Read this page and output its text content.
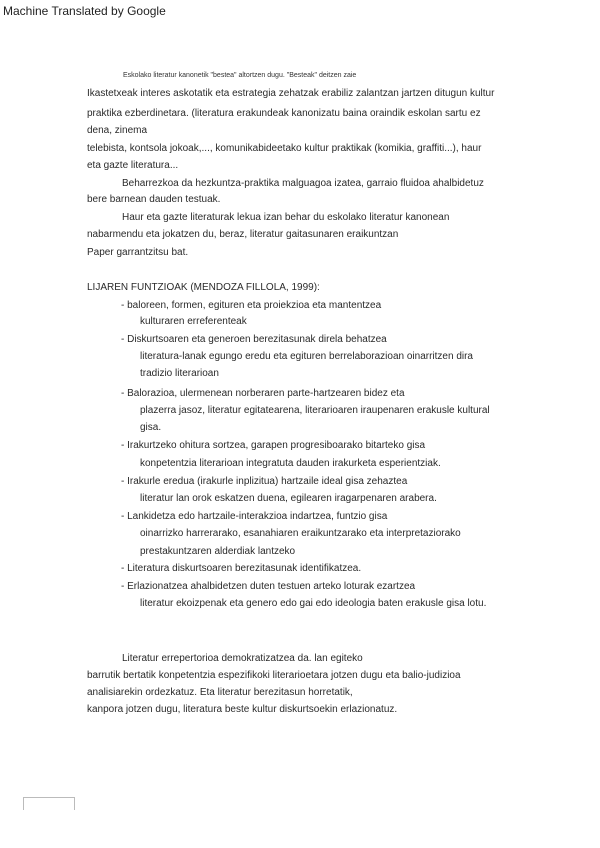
Machine Translated by Google
Eskolako literatur kanonetik "bestea" altortzen dugu. "Besteak" deitzen zaie
Ikastetxeak interes askotatik eta estrategia zehatzak erabiliz zalantzan jartzen ditugun kultur
praktika ezberdinetara. (literatura erakundeak kanonizatu baina oraindik eskolan sartu ez
dena, zinema
telebista, kontsola jokoak,..., komunikabideetako kultur praktikak (komikia, graffiti...), haur
eta gazte literatura...
Beharrezkoa da hezkuntza-praktika malguagoa izatea, garraio fluidoa ahalbidetuz
bere barnean dauden testuak.
Haur eta gazte literaturak lekua izan behar du eskolako literatur kanonean
nabarmendu eta jokatzen du, beraz, literatur gaitasunaren eraikuntzan
Paper garrantzitsu bat.
LIJAREN FUNTZIOAK (MENDOZA FILLOLA, 1999):
- baloreen, formen, egituren eta proiekzioa eta mantentzea
kulturaren erreferenteak
- Diskurtsoaren eta generoen berezitasunak direla behatzea
literatura-lanak egungo eredu eta egituren berrelaborazioan oinarritzen dira
tradizio literarioan
- Balorazioa, ulermenean norberaren parte-hartzearen bidez eta
plazerra jasoz, literatur egitatearena, literarioaren iraupenaren erakusle kultural
gisa.
- Irakurtzeko ohitura sortzea, garapen progresiboarako bitarteko gisa
konpetentzia literarioan integratuta dauden irakurketa esperientziak.
- Irakurle eredua (irakurle inplizitua) hartzaile ideal gisa zehaztea
literatur lan orok eskatzen duena, egilearen iragarpenaren arabera.
- Lankidetza edo hartzaile-interakzioa indartzea, funtzio gisa
oinarrizko harrerarako, esanahiaren eraikuntzarako eta interpretaziorako
prestakuntzaren alderdiak lantzeko
- Literatura diskurtsoaren berezitasunak identifikatzea.
- Erlazionatzea ahalbidetzen duten testuen arteko loturak ezartzea
literatur ekoizpenak eta genero edo gai edo ideologia baten erakusle gisa lotu.
Literatur errepertorioa demokratizatzea da. lan egiteko
barrutik bertatik konpetentzia espezifikoki literarioetara jotzen dugu eta balio-judizioa
analisiarekin ordezkatuz. Eta literatur berezitasun horretatik,
kanpora jotzen dugu, literatura beste kultur diskurtsoekin erlazionatuz.
